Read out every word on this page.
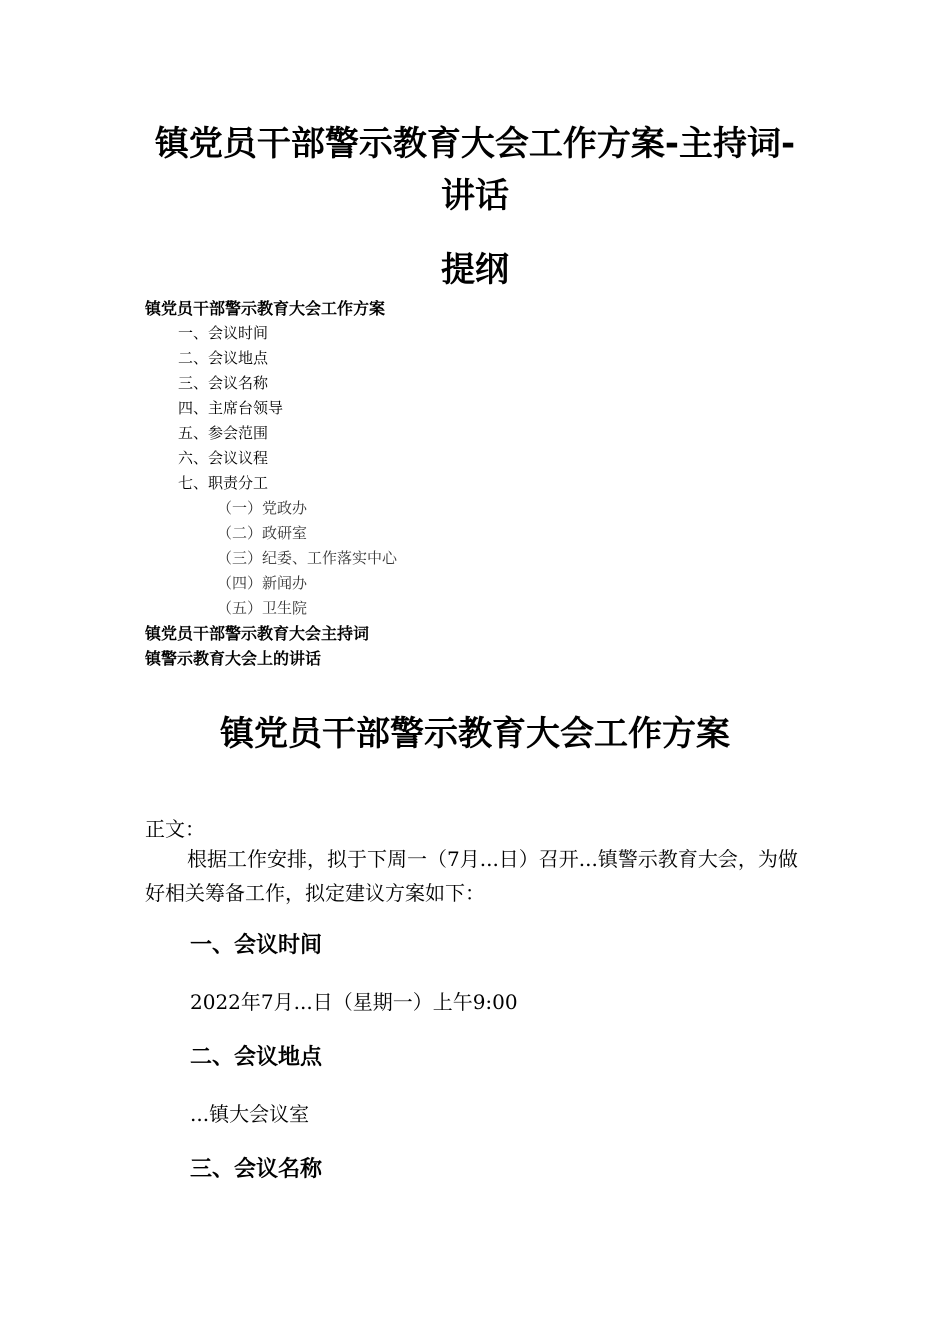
镇党员干部警示教育大会工作方案-主持词-
讲话
提纲
镇党员干部警示教育大会工作方案
一、会议时间
二、会议地点
三、会议名称
四、主席台领导
五、参会范围
六、会议议程
七、职责分工
（一）党政办
（二）政研室
（三）纪委、工作落实中心
（四）新闻办
（五）卫生院
镇党员干部警示教育大会主持词
镇警示教育大会上的讲话
镇党员干部警示教育大会工作方案

正文：

根据工作安排，拟于下周一（7月...日）召开...镇警示教育大会，为做好相关筹备工作，拟定建议方案如下：

一、会议时间

2022年7月...日（星期一）上午9:00

二、会议地点

...镇大会议室

三、会议名称
